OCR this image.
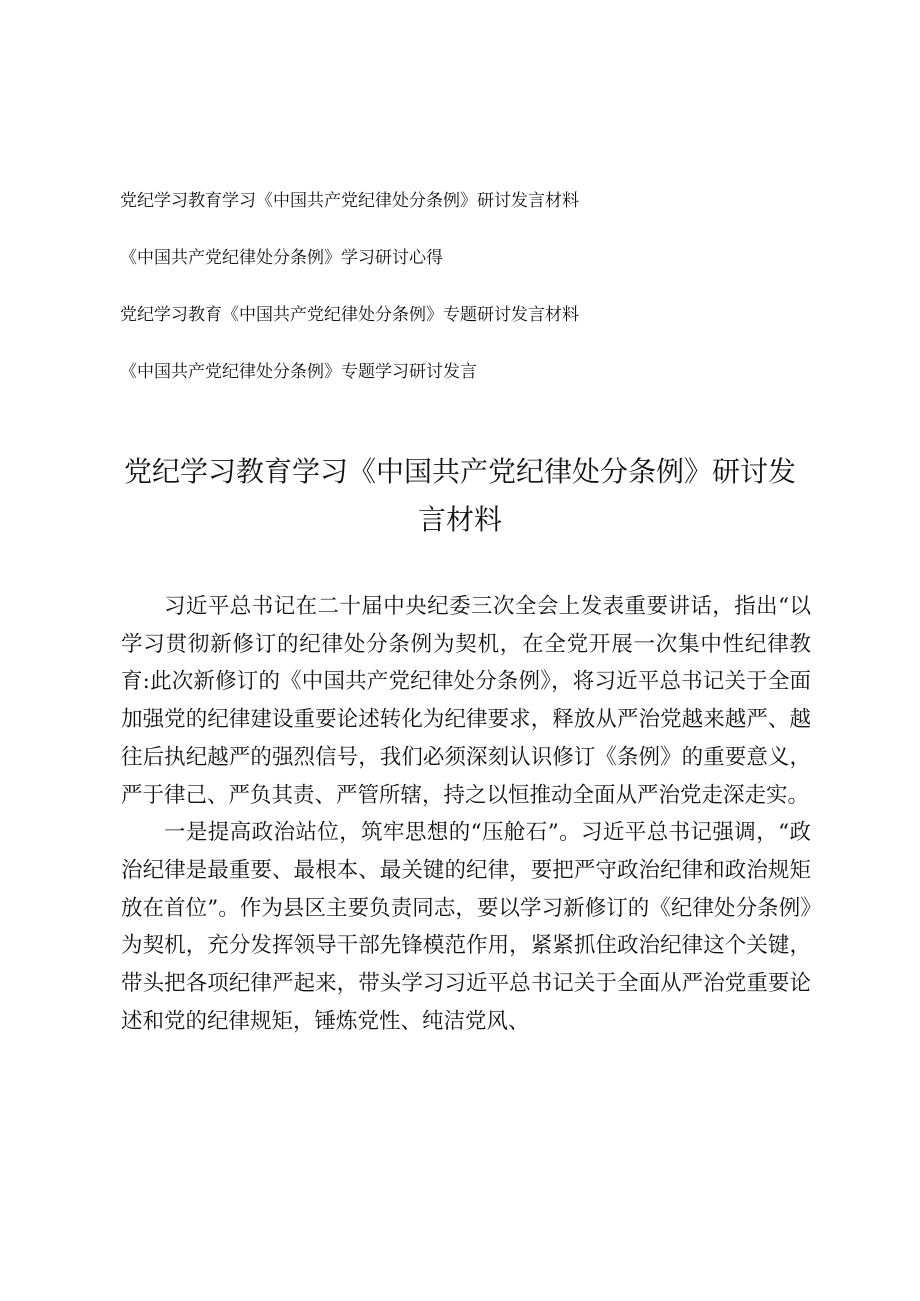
党纪学习教育学习《中国共产党纪律处分条例》研讨发言材料
《中国共产党纪律处分条例》学习研讨心得
党纪学习教育《中国共产党纪律处分条例》专题研讨发言材料
《中国共产党纪律处分条例》专题学习研讨发言
党纪学习教育学习《中国共产党纪律处分条例》研讨发言材料

习近平总书记在二十届中央纪委三次全会上发表重要讲话，指出“以学习贯彻新修订的纪律处分条例为契机，在全党开展一次集中性纪律教育:此次新修订的《中国共产党纪律处分条例》，将习近平总书记关于全面加强党的纪律建设重要论述转化为纪律要求，释放从严治党越来越严、越往后执纪越严的强烈信号，我们必须深刻认识修订《条例》的重要意义，严于律己、严负其责、严管所辖，持之以恒推动全面从严治党走深走实。

一是提高政治站位，筑牢思想的“压舱石”。习近平总书记强调，“政治纪律是最重要、最根本、最关键的纪律，要把严守政治纪律和政治规矩放在首位”。作为县区主要负责同志，要以学习新修订的《纪律处分条例》为契机，充分发挥领导干部先锋模范作用，紧紧抓住政治纪律这个关键，带头把各项纪律严起来，带头学习习近平总书记关于全面从严治党重要论述和党的纪律规矩，锤炼党性、纯洁党风、
